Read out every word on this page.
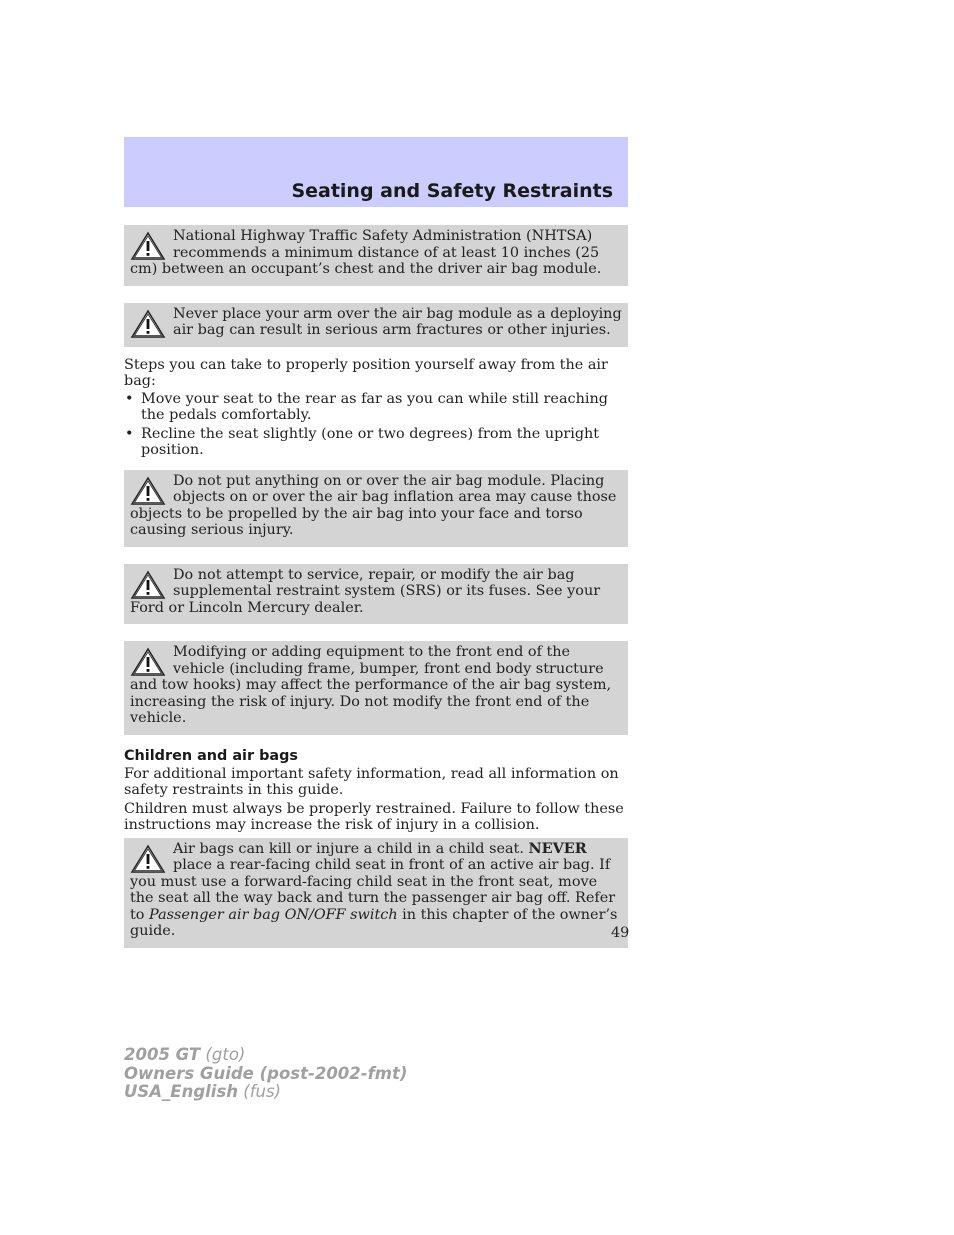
Seating and Safety Restraints
National Highway Traffic Safety Administration (NHTSA) recommends a minimum distance of at least 10 inches (25 cm) between an occupant’s chest and the driver air bag module.
Never place your arm over the air bag module as a deploying air bag can result in serious arm fractures or other injuries.

Steps you can take to properly position yourself away from the air bag:

• Move your seat to the rear as far as you can while still reaching the pedals comfortably.
• Recline the seat slightly (one or two degrees) from the upright position.
Do not put anything on or over the air bag module. Placing objects on or over the air bag inflation area may cause those objects to be propelled by the air bag into your face and torso causing serious injury.
Do not attempt to service, repair, or modify the air bag supplemental restraint system (SRS) or its fuses. See your Ford or Lincoln Mercury dealer.
Modifying or adding equipment to the front end of the vehicle (including frame, bumper, front end body structure and tow hooks) may affect the performance of the air bag system, increasing the risk of injury. Do not modify the front end of the vehicle.
Children and air bags

For additional important safety information, read all information on safety restraints in this guide.

Children must always be properly restrained. Failure to follow these instructions may increase the risk of injury in a collision.

Air bags can kill or injure a child in a child seat. NEVER place a rear-facing child seat in front of an active air bag. If you must use a forward-facing child seat in the front seat, move the seat all the way back and turn the passenger air bag off. Refer to Passenger air bag ON/OFF switch in this chapter of the owner’s guide.	49
2005 GT (gto)
Owners Guide (post-2002-fmt)
USA_English (fus)
